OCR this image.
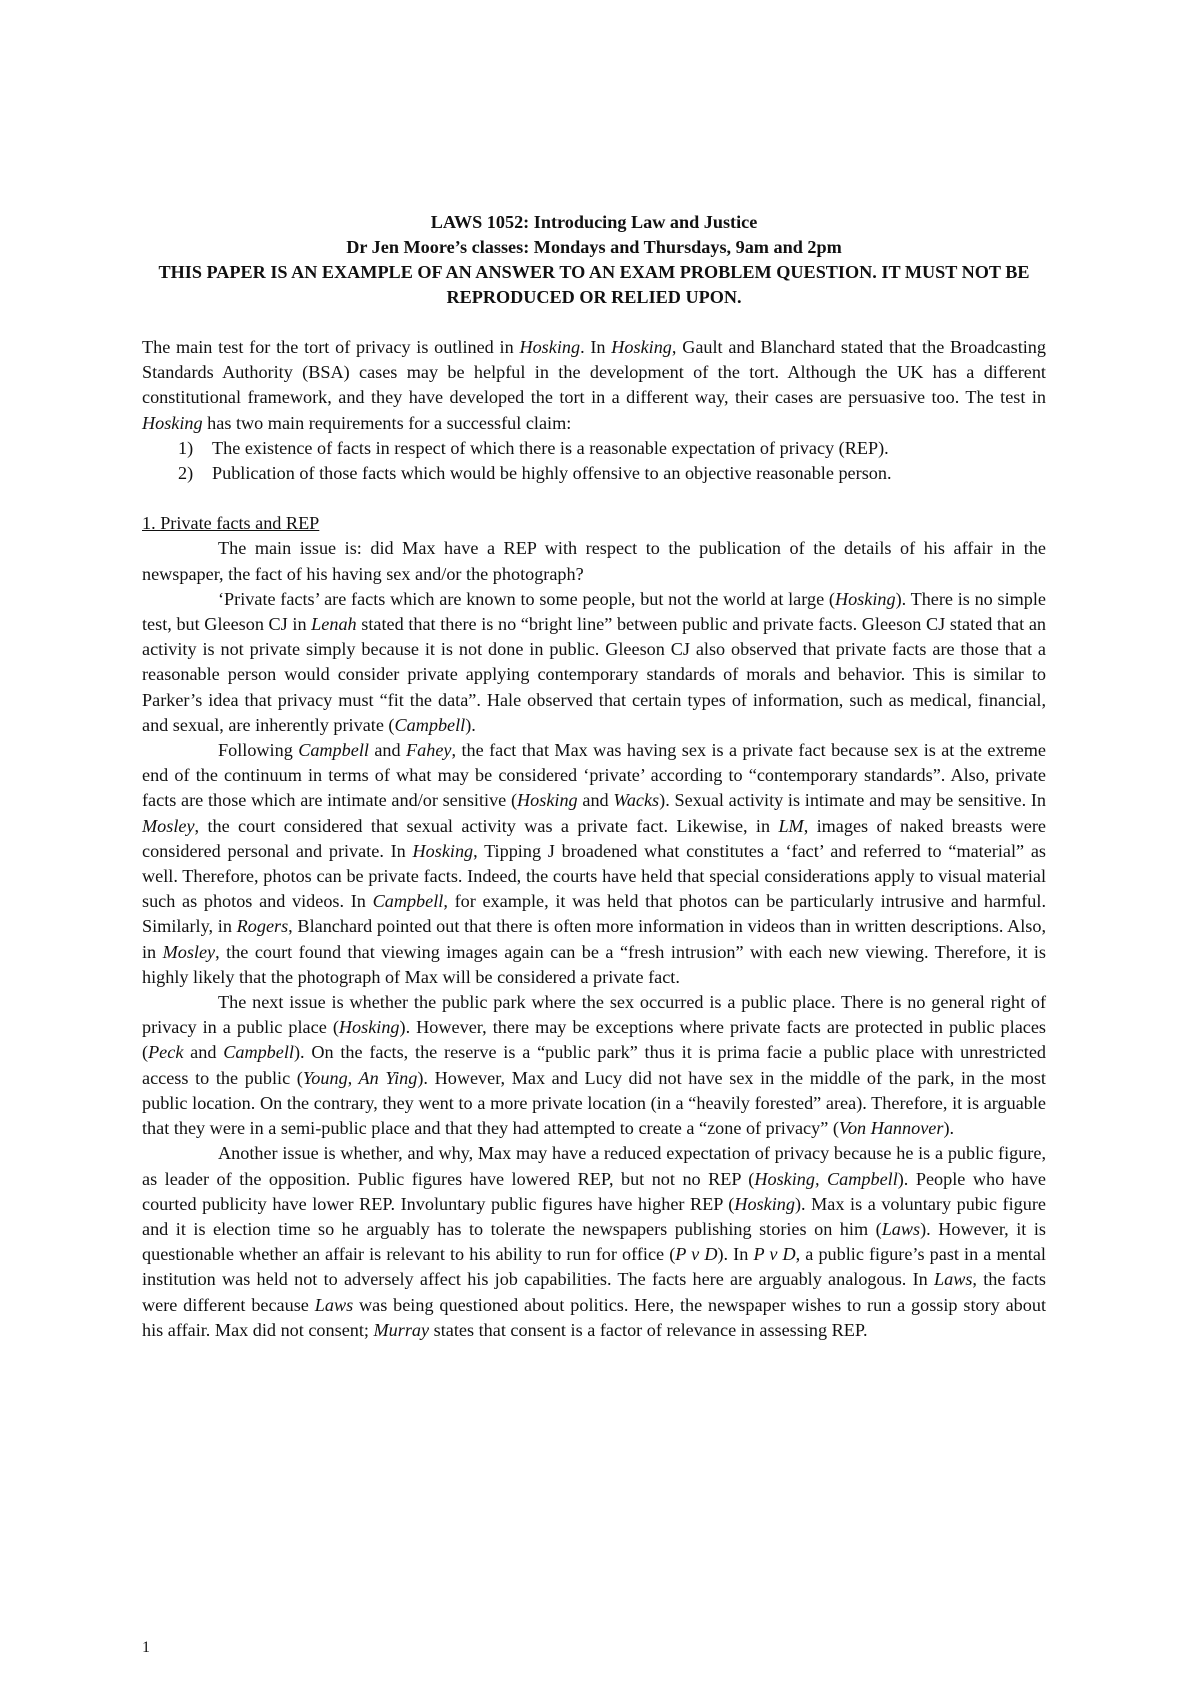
LAWS 1052: Introducing Law and Justice
Dr Jen Moore’s classes: Mondays and Thursdays, 9am and 2pm
THIS PAPER IS AN EXAMPLE OF AN ANSWER TO AN EXAM PROBLEM QUESTION. IT MUST NOT BE REPRODUCED OR RELIED UPON.

The main test for the tort of privacy is outlined in Hosking. In Hosking, Gault and Blanchard stated that the Broadcasting Standards Authority (BSA) cases may be helpful in the development of the tort. Although the UK has a different constitutional framework, and they have developed the tort in a different way, their cases are persuasive too. The test in Hosking has two main requirements for a successful claim:

1) The existence of facts in respect of which there is a reasonable expectation of privacy (REP).
2) Publication of those facts which would be highly offensive to an objective reasonable person.
1. Private facts and REP

The main issue is: did Max have a REP with respect to the publication of the details of his affair in the newspaper, the fact of his having sex and/or the photograph?

‘Private facts’ are facts which are known to some people, but not the world at large (Hosking). There is no simple test, but Gleeson CJ in Lenah stated that there is no “bright line” between public and private facts. Gleeson CJ stated that an activity is not private simply because it is not done in public. Gleeson CJ also observed that private facts are those that a reasonable person would consider private applying contemporary standards of morals and behavior. This is similar to Parker’s idea that privacy must “fit the data”. Hale observed that certain types of information, such as medical, financial, and sexual, are inherently private (Campbell).

Following Campbell and Fahey, the fact that Max was having sex is a private fact because sex is at the extreme end of the continuum in terms of what may be considered ‘private’ according to “contemporary standards”. Also, private facts are those which are intimate and/or sensitive (Hosking and Wacks). Sexual activity is intimate and may be sensitive. In Mosley, the court considered that sexual activity was a private fact. Likewise, in LM, images of naked breasts were considered personal and private. In Hosking, Tipping J broadened what constitutes a ‘fact’ and referred to “material” as well. Therefore, photos can be private facts. Indeed, the courts have held that special considerations apply to visual material such as photos and videos. In Campbell, for example, it was held that photos can be particularly intrusive and harmful. Similarly, in Rogers, Blanchard pointed out that there is often more information in videos than in written descriptions. Also, in Mosley, the court found that viewing images again can be a “fresh intrusion” with each new viewing. Therefore, it is highly likely that the photograph of Max will be considered a private fact.

The next issue is whether the public park where the sex occurred is a public place. There is no general right of privacy in a public place (Hosking). However, there may be exceptions where private facts are protected in public places (Peck and Campbell). On the facts, the reserve is a “public park” thus it is prima facie a public place with unrestricted access to the public (Young, An Ying). However, Max and Lucy did not have sex in the middle of the park, in the most public location. On the contrary, they went to a more private location (in a “heavily forested” area). Therefore, it is arguable that they were in a semi-public place and that they had attempted to create a “zone of privacy” (Von Hannover).

Another issue is whether, and why, Max may have a reduced expectation of privacy because he is a public figure, as leader of the opposition. Public figures have lowered REP, but not no REP (Hosking, Campbell). People who have courted publicity have lower REP. Involuntary public figures have higher REP (Hosking). Max is a voluntary pubic figure and it is election time so he arguably has to tolerate the newspapers publishing stories on him (Laws). However, it is questionable whether an affair is relevant to his ability to run for office (P v D). In P v D, a public figure’s past in a mental institution was held not to adversely affect his job capabilities. The facts here are arguably analogous. In Laws, the facts were different because Laws was being questioned about politics. Here, the newspaper wishes to run a gossip story about his affair. Max did not consent; Murray states that consent is a factor of relevance in assessing REP.

1
